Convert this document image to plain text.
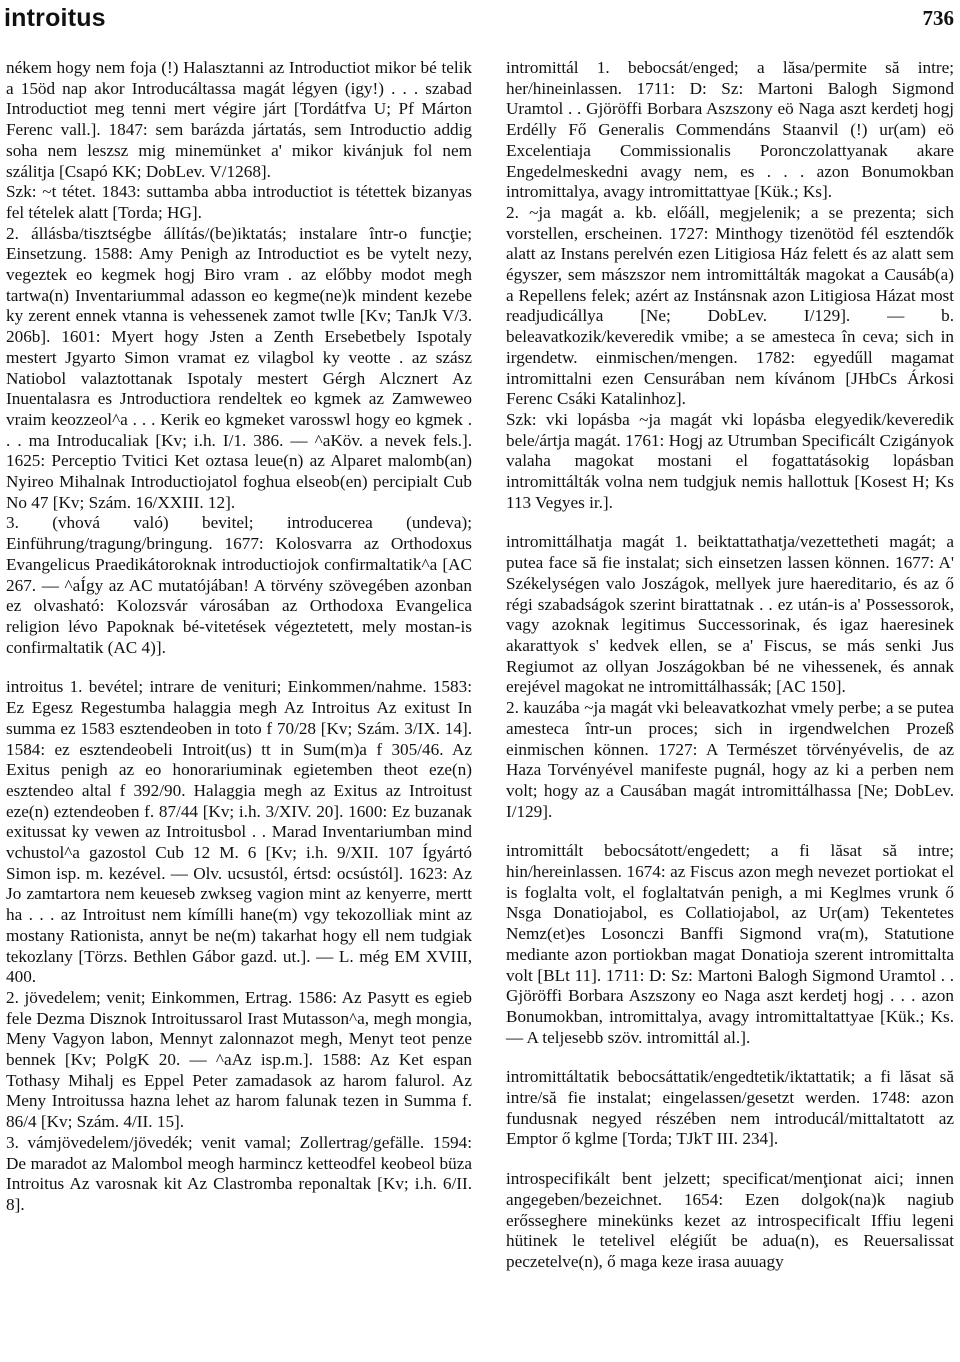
introitus	736

nékem hogy nem foja (!) Halasztanni az Introductiot mikor bé telik a 15öd nap akor Introducáltassa magát légyen (igy!) . . . szabad Introductiot meg tenni mert végire járt [Tordátfva U; Pf Márton Ferenc vall.]. 1847: sem barázda jártatás, sem Introductio addig soha nem leszsz mig minemünket a' mikor kivánjuk fol nem szálitja [Csapó KK; DobLev. V/1268].

Szk: ~t tétet. 1843: suttamba abba introductiot is tétettek bizanyas fel tételek alatt [Torda; HG].

2. állásba/tisztségbe állítás/(be)iktatás; instalare într-o funcţie; Einsetzung. 1588: Amy Penigh az Introductiot es be vytelt nezy, vegeztek eo kegmek hogj Biro vram . az előbby modot megh tartwa(n) Inventariummal adasson eo kegme(ne)k mindent kezebe ky zerent ennek vtanna is vehessenek zamot twlle [Kv; TanJk V/3. 206b]. 1601: Myert hogy Jsten a Zenth Ersebetbely Ispotaly mestert Jgyarto Simon vramat ez vilagbol ky veotte . az szász Natiobol valaztottanak Ispotaly mestert Gérgh Alcznert Az Inuentalasra es Jntroductiora rendeltek eo kgmek az Zamweweo vraim keozzeol^a . . . Kerik eo kgmeket varosswl hogy eo kgmek . . . ma Introducaliak [Kv; i.h. I/1. 386. — ^aKöv. a nevek fels.]. 1625: Perceptio Tvitici Ket oztasa leue(n) az Alparet malomb(an) Nyireo Mihalnak Introductiojatol foghua elseob(en) percipialt Cub No 47 [Kv; Szám. 16/XXIII. 12].

3. (vhová való) bevitel; introducerea (undeva); Einführung/tragung/bringung. 1677: Kolosvarra az Orthodoxus Evangelicus Praedikátoroknak introductiojok confirmaltatik^a [AC 267. — ^aÍgy az AC mutatójában! A törvény szövegében azonban ez olvasható: Kolozsvár városában az Orthodoxa Evangelica religion lévo Papoknak bé-vitetések végeztetett, mely mostan-is confirmaltatik (AC 4)].

introitus 1. bevétel; intrare de venituri; Einkommen/nahme. 1583: Ez Egesz Regestumba halaggia megh Az Introitus Az exitust In summa ez 1583 esztendeoben in toto f 70/28 [Kv; Szám. 3/IX. 14]. 1584: ez esztendeobeli Introit(us) tt in Sum(m)a f 305/46. Az Exitus penigh az eo honorariuminak egietemben theot eze(n) esztendeo altal f 392/90. Halaggia megh az Exitus az Introitust eze(n) eztendeoben f. 87/44 [Kv; i.h. 3/XIV. 20]. 1600: Ez buzanak exitussat ky vewen az Introitusbol . . Marad Inventariumban mind vchustol^a gazostol Cub 12 M. 6 [Kv; i.h. 9/XII. 107 Ígyártó Simon isp. m. kezével. — Olv. ucsustól, értsd: ocsústól]. 1623: Az Jo zamtartora nem keueseb zwkseg vagion mint az kenyerre, mertt ha . . . az Introitust nem kímílli hane(m) vgy tekozolliak mint az mostany Rationista, annyt be ne(m) takarhat hogy ell nem tudgiak tekozlany [Törzs. Bethlen Gábor gazd. ut.]. — L. még EM XVIII, 400.

2. jövedelem; venit; Einkommen, Ertrag. 1586: Az Pasytt es egieb fele Dezma Disznok Introitussarol Irast Mutasson^a, megh mongia, Meny Vagyon labon, Mennyt zalonnazot megh, Menyt teot penze bennek [Kv; PolgK 20. — ^aAz isp.m.]. 1588: Az Ket espan Tothasy Mihalj es Eppel Peter zamadasok az harom falurol. Az Meny Introitussa hazna lehet az harom falunak tezen in Summa f. 86/4 [Kv; Szám. 4/II. 15].

3. vámjövedelem/jövedék; venit vamal; Zollertrag/gefälle. 1594: De maradot az Malombol meogh harmincz ketteodfel keobeol büza Introitus Az varosnak kit Az Clastromba reponaltak [Kv; i.h. 6/II. 8].

intromittál 1. bebocsát/enged; a lăsa/permite să intre; her/hineinlassen. 1711: D: Sz: Martoni Balogh Sigmond Uramtol . . Gjöröffi Borbara Aszszony eö Naga aszt kerdetj hogj Erdélly Fő Generalis Commendáns Staanvil (!) ur(am) eö Excelentiaja Commissionalis Poronczolattyanak akare Engedelmeskedni avagy nem, es . . . azon Bonumokban intromittalya, avagy intromittattyae [Kük.; Ks].

2. ~ja magát a. kb. előáll, megjelenik; a se prezenta; sich vorstellen, erscheinen. 1727: Minthogy tizenötöd fél esztendők alatt az Instans perelvén ezen Litigiosa Ház felett és az alatt sem égyszer, sem mászszor nem intromittálták magokat a Causáb(a) a Repellens felek; azért az Instánsnak azon Litigiosa Házat most readjudicállya [Ne; DobLev. I/129]. — b. beleavatkozik/keveredik vmibe; a se amesteca în ceva; sich in irgendetw. einmischen/mengen. 1782: egyedűll magamat intromittalni ezen Censurában nem kívánom [JHbCs Árkosi Ferenc Csáki Katalinhoz].

Szk: vki lopásba ~ja magát vki lopásba elegyedik/keveredik bele/ártja magát. 1761: Hogj az Utrumban Specificált Czigányok valaha magokat mostani el fogattatásokig lopásban intromittálták volna nem tudgjuk nemis hallottuk [Kosest H; Ks 113 Vegyes ir.].

intromittálhatja magát 1. beiktattathatja/vezettetheti magát; a putea face să fie instalat; sich einsetzen lassen können. 1677: A' Székelységen valo Joszágok, mellyek jure haereditario, és az ő régi szabadságok szerint birattatnak . . ez után-is a' Possessorok, vagy azoknak legitimus Successorinak, és igaz haeresinek akarattyok s' kedvek ellen, se a' Fiscus, se más senki Jus Regiumot az ollyan Joszágokban bé ne vihessenek, és annak erejével magokat ne intromittálhassák; [AC 150].

2. kauzába ~ja magát vki beleavatkozhat vmely perbe; a se putea amesteca într-un proces; sich in irgendwelchen Prozeß einmischen können. 1727: A Természet törvényévelis, de az Haza Torvényével manifeste pugnál, hogy az ki a perben nem volt; hogy az a Causában magát intromittálhassa [Ne; DobLev. I/129].

intromittált bebocsátott/engedett; a fi lăsat să intre; hin/hereinlassen. 1674: az Fiscus azon megh nevezet portiokat el is foglalta volt, el foglaltatván penigh, a mi Keglmes vrunk ő Nsga Donatiojabol, es Collatiojabol, az Ur(am) Tekentetes Nemz(et)es Losonczi Banffi Sigmond vra(m), Statutione mediante azon portiokban magat Donatioja szerent intromittalta volt [BLt 11]. 1711: D: Sz: Martoni Balogh Sigmond Uramtol . . Gjöröffi Borbara Aszszony eo Naga aszt kerdetj hogj . . . azon Bonumokban, intromittalya, avagy intromittaltattyae [Kük.; Ks. — A teljesebb szöv. intromittál al.].

intromittáltatik bebocsáttatik/engedtetik/iktattatik; a fi lăsat să intre/să fie instalat; eingelassen/gesetzt werden. 1748: azon fundusnak negyed részében nem introducál/mittaltatott az Emptor ő kglme [Torda; TJkT III. 234].

introspecifikált bent jelzett; specificat/menţionat aici; innen angegeben/bezeichnet. 1654: Ezen dolgok(na)k nagiub erősseghere minekünks kezet az introspecificalt Iffiu legeni hütinek le tetelivel elégiűt be adua(n), es Reuersalissat peczetelve(n), ő maga keze irasa auuagy
